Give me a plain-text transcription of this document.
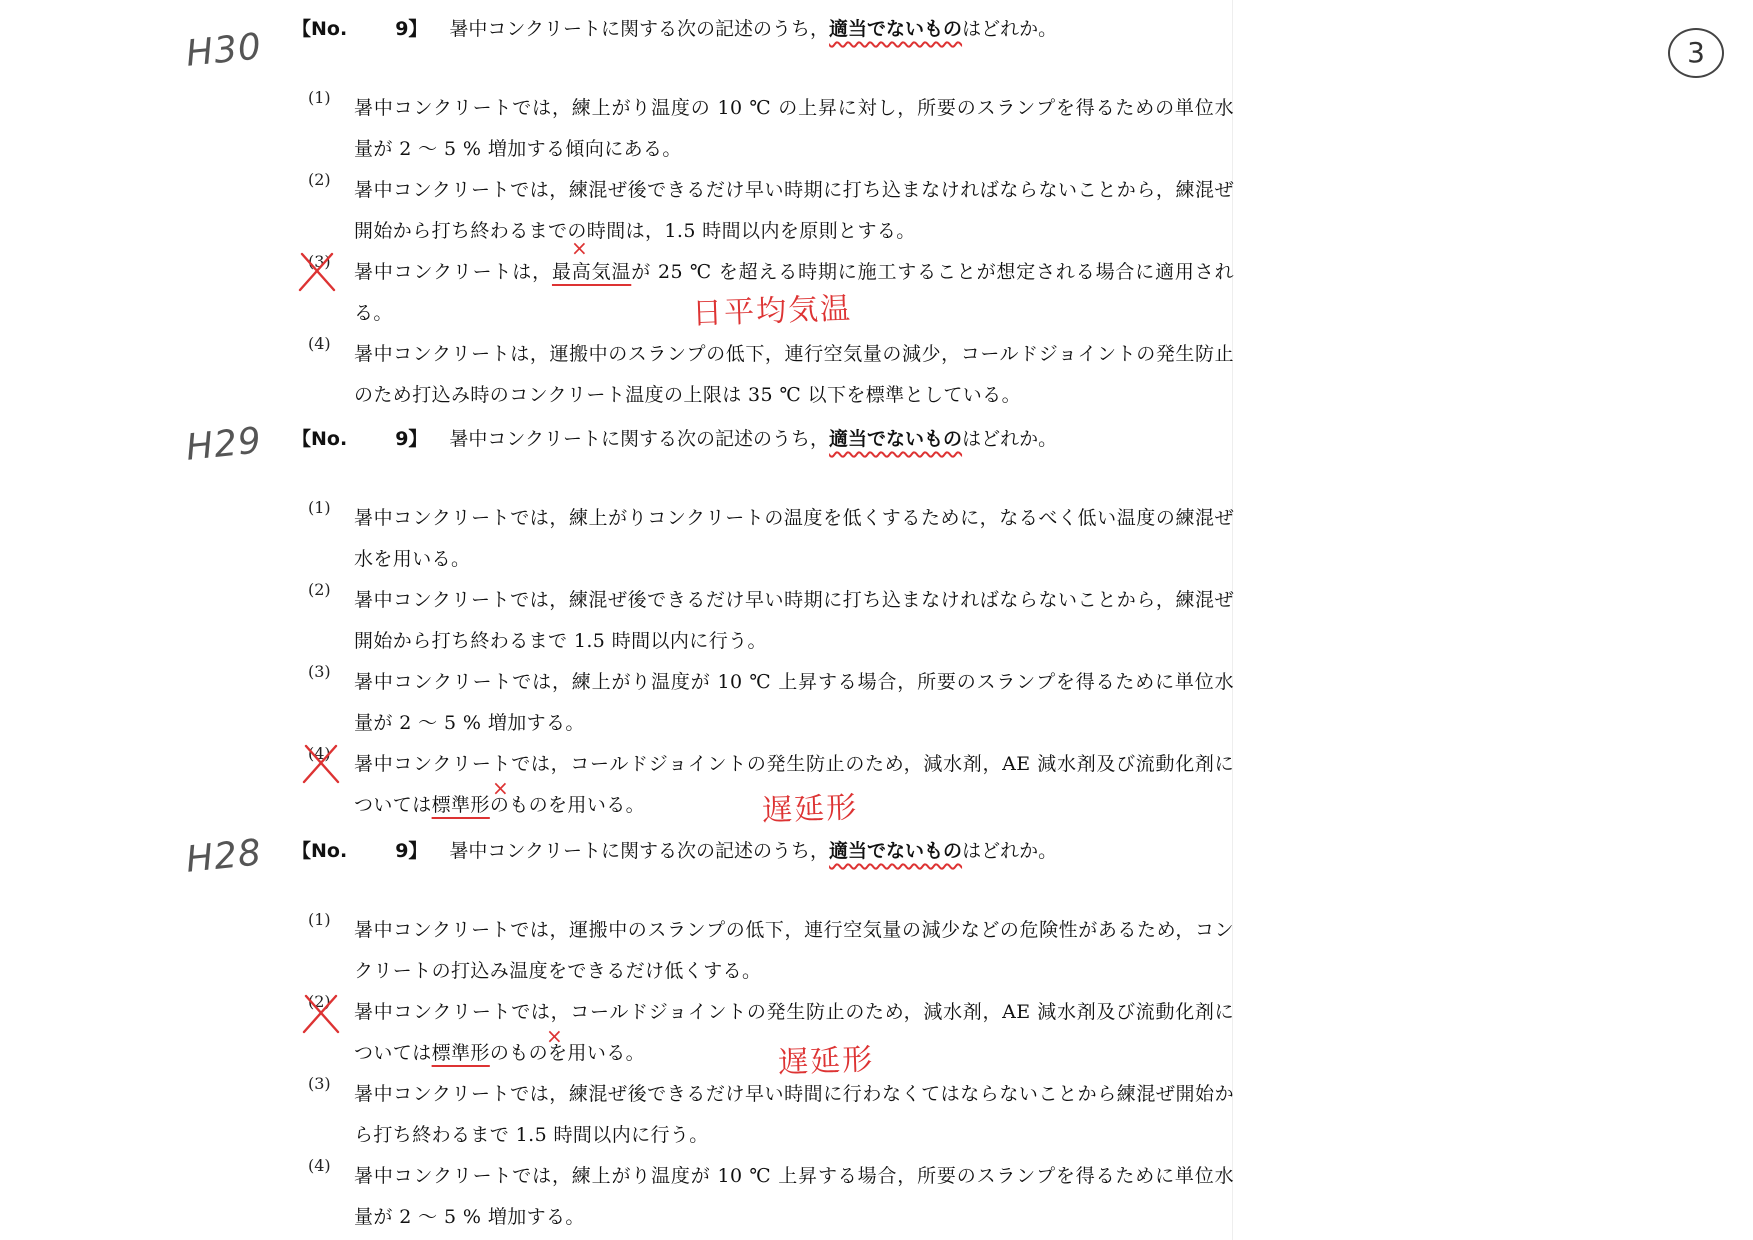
3
H30 【No.	9】 暑中コンクリートに関する次の記述のうち，適当でないものはどれか。
(1)	暑中コンクリートでは，練上がり温度の 10 ℃ の上昇に対し，所要のスランプを得るための単位水量が 2 ～ 5 % 増加する傾向にある。
(2)	暑中コンクリートでは，練混ぜ後できるだけ早い時期に打ち込まなければならないことから，練混ぜ開始から打ち終わるまでの時間は，1.5 時間以内を原則とする。
(3)	暑中コンクリートは，最高気温が 25 ℃ を超える時期に施工することが想定される場合に適用される。
(4)	暑中コンクリートは，運搬中のスランプの低下，連行空気量の減少，コールドジョイントの発生防止のため打込み時のコンクリート温度の上限は 35 ℃ 以下を標準としている。
×
日平均気温
H29 【No.	9】 暑中コンクリートに関する次の記述のうち，適当でないものはどれか。
(1)	暑中コンクリートでは，練上がりコンクリートの温度を低くするために，なるべく低い温度の練混ぜ水を用いる。
(2)	暑中コンクリートでは，練混ぜ後できるだけ早い時期に打ち込まなければならないことから，練混ぜ開始から打ち終わるまで 1.5 時間以内に行う。
(3)	暑中コンクリートでは，練上がり温度が 10 ℃ 上昇する場合，所要のスランプを得るために単位水量が 2 ～ 5 % 増加する。
(4)	暑中コンクリートでは，コールドジョイントの発生防止のため，減水剤，AE 減水剤及び流動化剤については標準形のものを用いる。
×
遅延形
H28 【No.	9】 暑中コンクリートに関する次の記述のうち，適当でないものはどれか。
(1)	暑中コンクリートでは，運搬中のスランプの低下，連行空気量の減少などの危険性があるため，コンクリートの打込み温度をできるだけ低くする。
(2)	暑中コンクリートでは，コールドジョイントの発生防止のため，減水剤，AE 減水剤及び流動化剤については標準形のものを用いる。
(3)	暑中コンクリートでは，練混ぜ後できるだけ早い時間に行わなくてはならないことから練混ぜ開始から打ち終わるまで 1.5 時間以内に行う。
(4)	暑中コンクリートでは，練上がり温度が 10 ℃ 上昇する場合，所要のスランプを得るために単位水量が 2 ～ 5 % 増加する。
×
遅延形
